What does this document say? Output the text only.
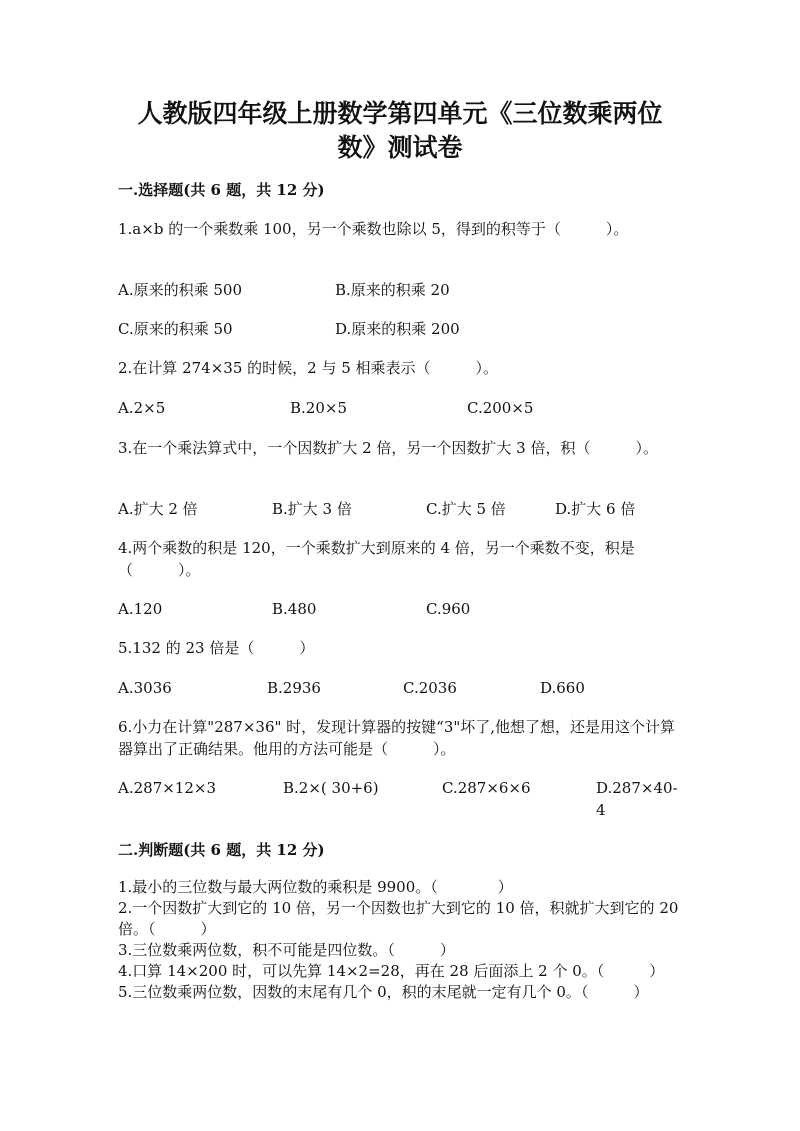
人教版四年级上册数学第四单元《三位数乘两位
数》测试卷
一.选择题(共 6 题，共 12 分)
1.a×b 的一个乘数乘 100，另一个乘数也除以 5，得到的积等于（　　　）。
A.原来的积乘 500	B.原来的积乘 20
C.原来的积乘 50	D.原来的积乘 200
2.在计算 274×35 的时候，2 与 5 相乘表示（　　　）。
A.2×5	B.20×5	C.200×5
3.在一个乘法算式中，一个因数扩大 2 倍，另一个因数扩大 3 倍，积（　　　）。
A.扩大 2 倍	B.扩大 3 倍	C.扩大 5 倍	D.扩大 6 倍
4.两个乘数的积是 120，一个乘数扩大到原来的 4 倍，另一个乘数不变，积是（　　　）。
A.120	B.480	C.960
5.132 的 23 倍是（　　　）
A.3036	B.2936	C.2036	D.660
6.小力在计算"287×36" 时，发现计算器的按键“3"坏了,他想了想，还是用这个计算器算出了正确结果。他用的方法可能是（　　　）。
A.287×12×3	B.2×( 30+6)	C.287×6×6	D.287×40-4
二.判断题(共 6 题，共 12 分)
1.最小的三位数与最大两位数的乘积是 9900。（　　　　）
2.一个因数扩大到它的 10 倍，另一个因数也扩大到它的 10 倍，积就扩大到它的 20 倍。（　　　）
3.三位数乘两位数，积不可能是四位数。（　　　）
4.口算 14×200 时，可以先算 14×2=28，再在 28 后面添上 2 个 0。（　　　）
5.三位数乘两位数，因数的末尾有几个 0，积的末尾就一定有几个 0。（　　　）
